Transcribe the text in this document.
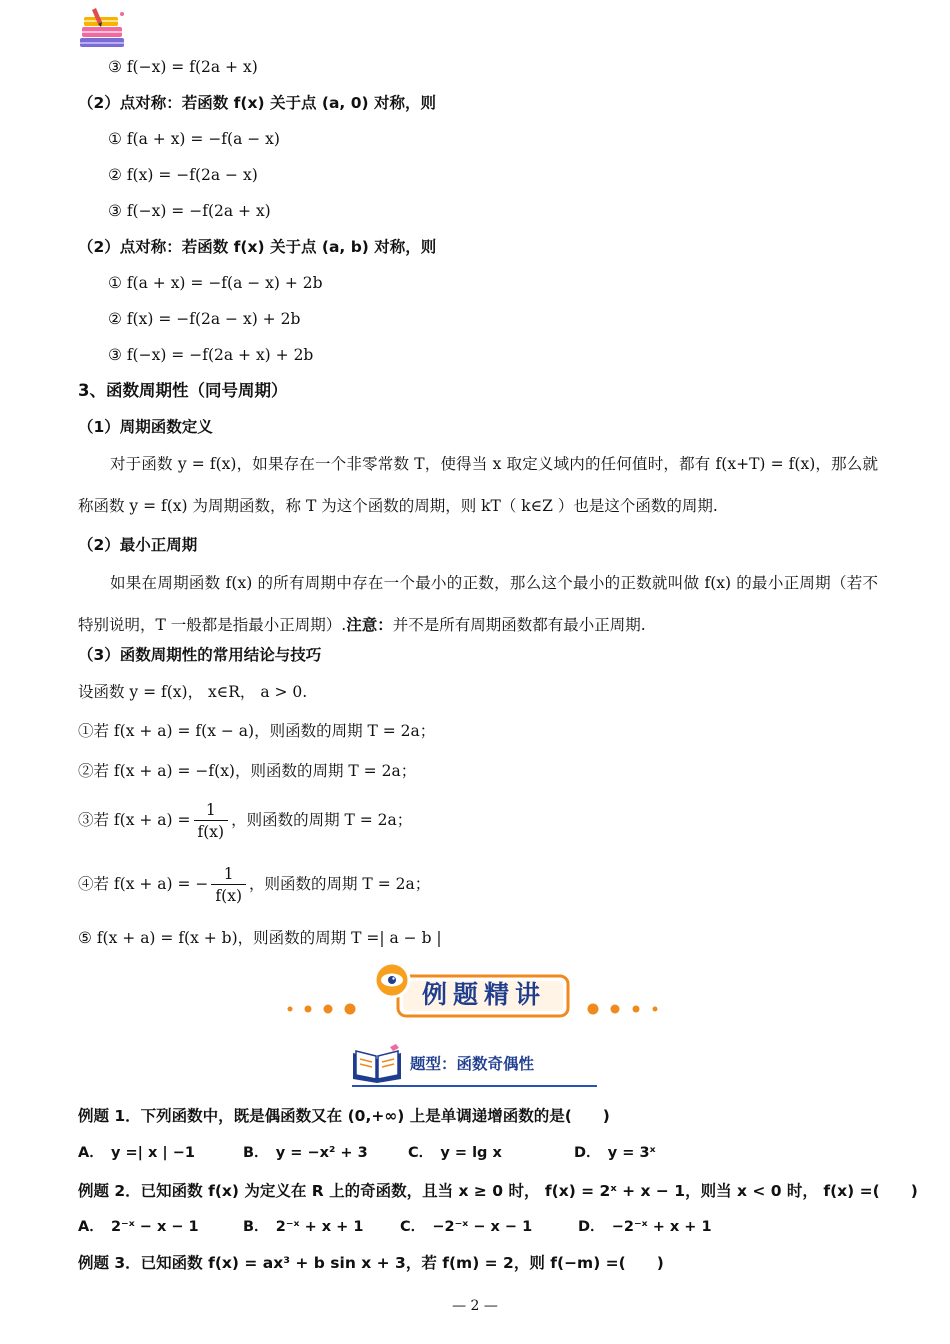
③ f(−x) = f(2a + x)
（2）点对称：若函数 f(x) 关于点 (a, 0) 对称，则
① f(a + x) = −f(a − x)
② f(x) = −f(2a − x)
③ f(−x) = −f(2a + x)
（2）点对称：若函数 f(x) 关于点 (a, b) 对称，则
① f(a + x) = −f(a − x) + 2b
② f(x) = −f(2a − x) + 2b
③ f(−x) = −f(2a + x) + 2b
3、函数周期性（同号周期）
（1）周期函数定义
对于函数 y = f(x)，如果存在一个非零常数 T，使得当 x 取定义域内的任何值时，都有 f(x+T) = f(x)，那么就称函数 y = f(x) 为周期函数，称 T 为这个函数的周期，则 kT（ k∈Z ）也是这个函数的周期.
（2）最小正周期
如果在周期函数 f(x) 的所有周期中存在一个最小的正数，那么这个最小的正数就叫做 f(x) 的最小正周期（若不特别说明，T 一般都是指最小正周期）.注意：并不是所有周期函数都有最小正周期.
（3）函数周期性的常用结论与技巧
设函数 y = f(x)， x∈R， a > 0.
①若 f(x + a) = f(x − a)，则函数的周期 T = 2a；
②若 f(x + a) = −f(x)，则函数的周期 T = 2a；
③若 $f(x + a) = \frac{1}{f(x)}$ ，则函数的周期 T = 2a；
④若 f(x + a) = − $\frac{1}{f(x)}$ ，则函数的周期 T = 2a；
⑤ f(x + a) = f(x + b)，则函数的周期 T =| a − b |
例题精讲
题型：函数奇偶性
例题 1．下列函数中，既是偶函数又在 (0,+∞) 上是单调递增函数的是(　　)
A．　y =| x | −1	B．　y = −x² + 3	C．　y = lg x	D．　y = 3ˣ
例题 2．已知函数 f(x) 为定义在 R 上的奇函数，且当 x ≥ 0 时， f(x) = 2ˣ + x − 1，则当 x < 0 时， f(x) =(　　)
A．　2⁻ˣ − x − 1	B．　2⁻ˣ + x + 1	C．　−2⁻ˣ − x − 1	D．　−2⁻ˣ + x + 1
例题 3．已知函数 f(x) = ax³ + b sin x + 3，若 f(m) = 2，则 f(−m) =(　　)
— 2 —
